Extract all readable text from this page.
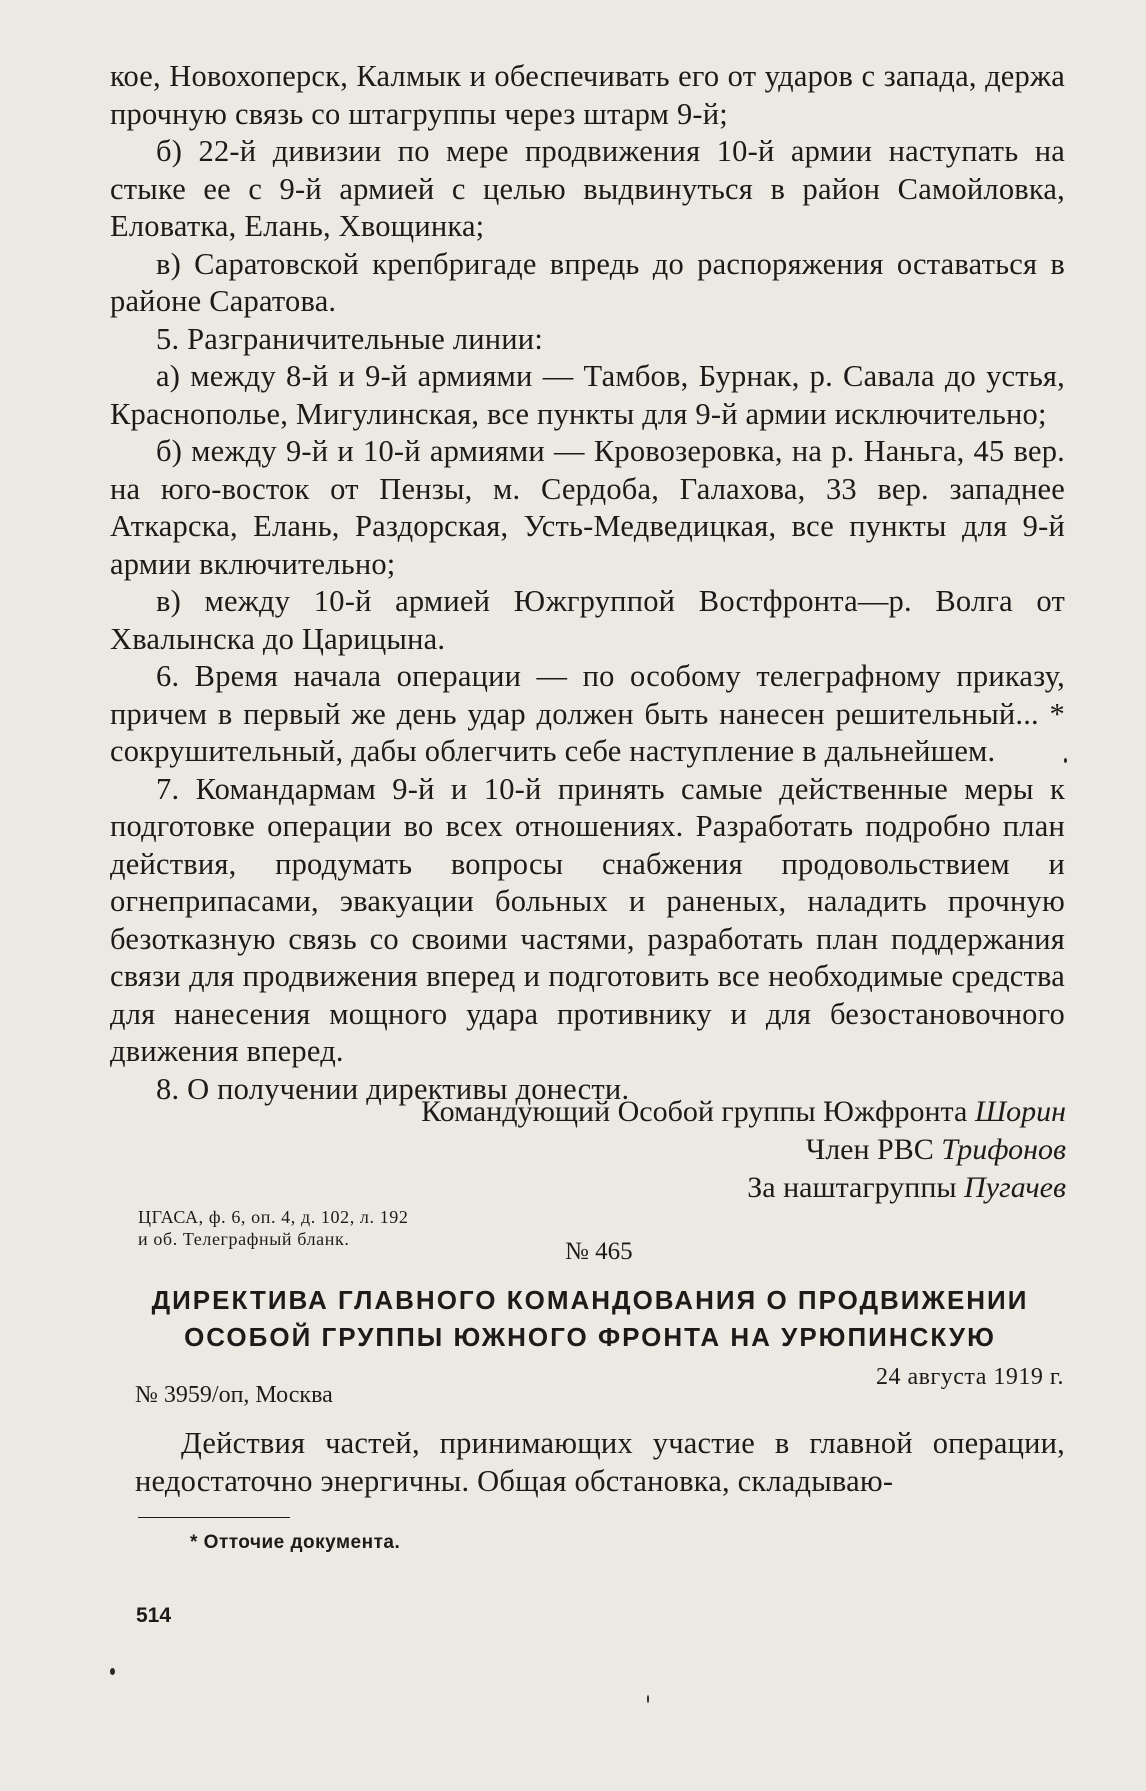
кое, Новохоперск, Калмык и обеспечивать его от ударов с запада, держа прочную связь со штагруппы через штарм 9-й;

б) 22-й дивизии по мере продвижения 10-й армии наступать на стыке ее с 9-й армией с целью выдвинуться в район Самойловка, Еловатка, Елань, Хвощинка;

в) Саратовской крепбригаде впредь до распоряжения оставаться в районе Саратова.

5. Разграничительные линии:

а) между 8-й и 9-й армиями — Тамбов, Бурнак, р. Савала до устья, Краснополье, Мигулинская, все пункты для 9-й армии исключительно;

б) между 9-й и 10-й армиями — Кровозеровка, на р. Наньга, 45 вер. на юго-восток от Пензы, м. Сердоба, Галахова, 33 вер. западнее Аткарска, Елань, Раздорская, Усть-Медведицкая, все пункты для 9-й армии включительно;

в) между 10-й армией Южгруппой Востфронта—р. Волга от Хвалынска до Царицына.

6. Время начала операции — по особому телеграфному приказу, причем в первый же день удар должен быть нанесен решительный... * сокрушительный, дабы облегчить себе наступление в дальнейшем.

7. Командармам 9-й и 10-й принять самые действенные меры к подготовке операции во всех отношениях. Разработать подробно план действия, продумать вопросы снабжения продовольствием и огнеприпасами, эвакуации больных и раненых, наладить прочную безотказную связь со своими частями, разработать план поддержания связи для продвижения вперед и подготовить все необходимые средства для нанесения мощного удара противнику и для безостановочного движения вперед.

8. О получении директивы донести.

Командующий Особой группы Южфронта Шорин
Член РВС Трифонов
За наштагруппы Пугачев
ЦГАСА, ф. 6, оп. 4, д. 102, л. 192
и об. Телеграфный бланк.	№ 465
ДИРЕКТИВА ГЛАВНОГО КОМАНДОВАНИЯ О ПРОДВИЖЕНИИ
ОСОБОЙ ГРУППЫ ЮЖНОГО ФРОНТА НА УРЮПИНСКУЮ
24 августа 1919 г.
№ 3959/оп, Москва

Действия частей, принимающих участие в главной операции, недостаточно энергичны. Общая обстановка, складываю-

* Отточие документа.
514
